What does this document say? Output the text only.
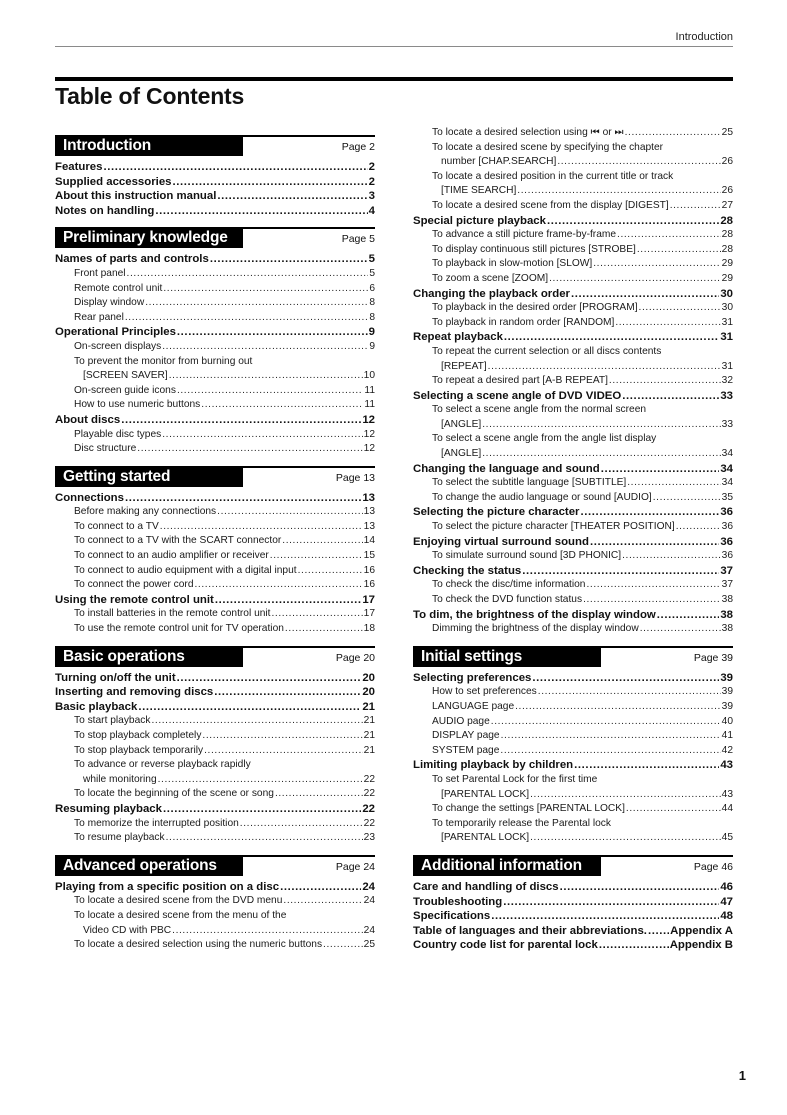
Introduction
Table of Contents
Introduction	Page 2
Features .....	2
Supplied accessories .....	2
About this instruction manual .....	3
Notes on handling .....	4
Preliminary knowledge	Page 5
Names of parts and controls .....	5
Front panel .....	5
Remote control unit .....	6
Display window .....	8
Rear panel .....	8
Operational Principles .....	9
On-screen displays .....	9
To prevent the monitor from burning out
[SCREEN SAVER] .....	10
On-screen guide icons .....	11
How to use numeric buttons .....	11
About discs .....	12
Playable disc types .....	12
Disc structure .....	12
Getting started	Page 13
Connections .....	13
Before making any connections .....	13
To connect to a TV .....	13
To connect to a TV with the SCART connector .....	14
To connect to an audio amplifier or receiver .....	15
To connect to audio equipment with a digital input .....	16
To connect the power cord .....	16
Using the remote control unit .....	17
To install batteries in the remote control unit .....	17
To use the remote control unit for TV operation .....	18
Basic operations	Page 20
Turning on/off the unit .....	20
Inserting and removing discs .....	20
Basic playback .....	21
To start playback .....	21
To stop playback completely .....	21
To stop playback temporarily .....	21
To advance or reverse playback rapidly
while monitoring .....	22
To locate the beginning of the scene or song .....	22
Resuming playback .....	22
To memorize the interrupted position .....	22
To resume playback .....	23
Advanced operations	Page 24
Playing from a specific position on a disc .....	24
To locate a desired scene from the DVD menu .....	24
To locate a desired scene from the menu of the
Video CD with PBC .....	24
To locate a desired selection using the numeric buttons .....	25
To locate a desired selection using ⏮ or ⏭ .....	25
To locate a desired scene by specifying the chapter
number [CHAP.SEARCH] .....	26
To locate a desired position in the current title or track
[TIME SEARCH] .....	26
To locate a desired scene from the display [DIGEST] .....	27
Special picture playback .....	28
To advance a still picture frame-by-frame .....	28
To display continuous still pictures [STROBE] .....	28
To playback in slow-motion [SLOW] .....	29
To zoom a scene [ZOOM] .....	29
Changing the playback order .....	30
To playback in the desired order [PROGRAM] .....	30
To playback in random order [RANDOM] .....	31
Repeat playback .....	31
To repeat the current selection or all discs contents
[REPEAT] .....	31
To repeat a desired part [A-B REPEAT] .....	32
Selecting a scene angle of DVD VIDEO .....	33
To select a scene angle from the normal screen
[ANGLE] .....	33
To select a scene angle from the angle list display
[ANGLE] .....	34
Changing the language and sound .....	34
To select the subtitle language [SUBTITLE] .....	34
To change the audio language or sound [AUDIO] .....	35
Selecting the picture character .....	36
To select the picture character [THEATER POSITION] .....	36
Enjoying virtual surround sound .....	36
To simulate surround sound [3D PHONIC] .....	36
Checking the status .....	37
To check the disc/time information .....	37
To check the DVD function status .....	38
To dim, the brightness of the display window .....	38
Dimming the brightness of the display window .....	38
Initial settings	Page 39
Selecting preferences .....	39
How to set preferences .....	39
LANGUAGE page .....	39
AUDIO page .....	40
DISPLAY page .....	41
SYSTEM page .....	42
Limiting playback by children .....	43
To set Parental Lock for the first time
[PARENTAL LOCK] .....	43
To change the settings [PARENTAL LOCK] .....	44
To temporarily release the Parental lock
[PARENTAL LOCK] .....	45
Additional information	Page 46
Care and handling of discs .....	46
Troubleshooting .....	47
Specifications .....	48
Table of languages and their abbreviations. ..... Appendix A
Country code list for parental lock .....	Appendix B
1
